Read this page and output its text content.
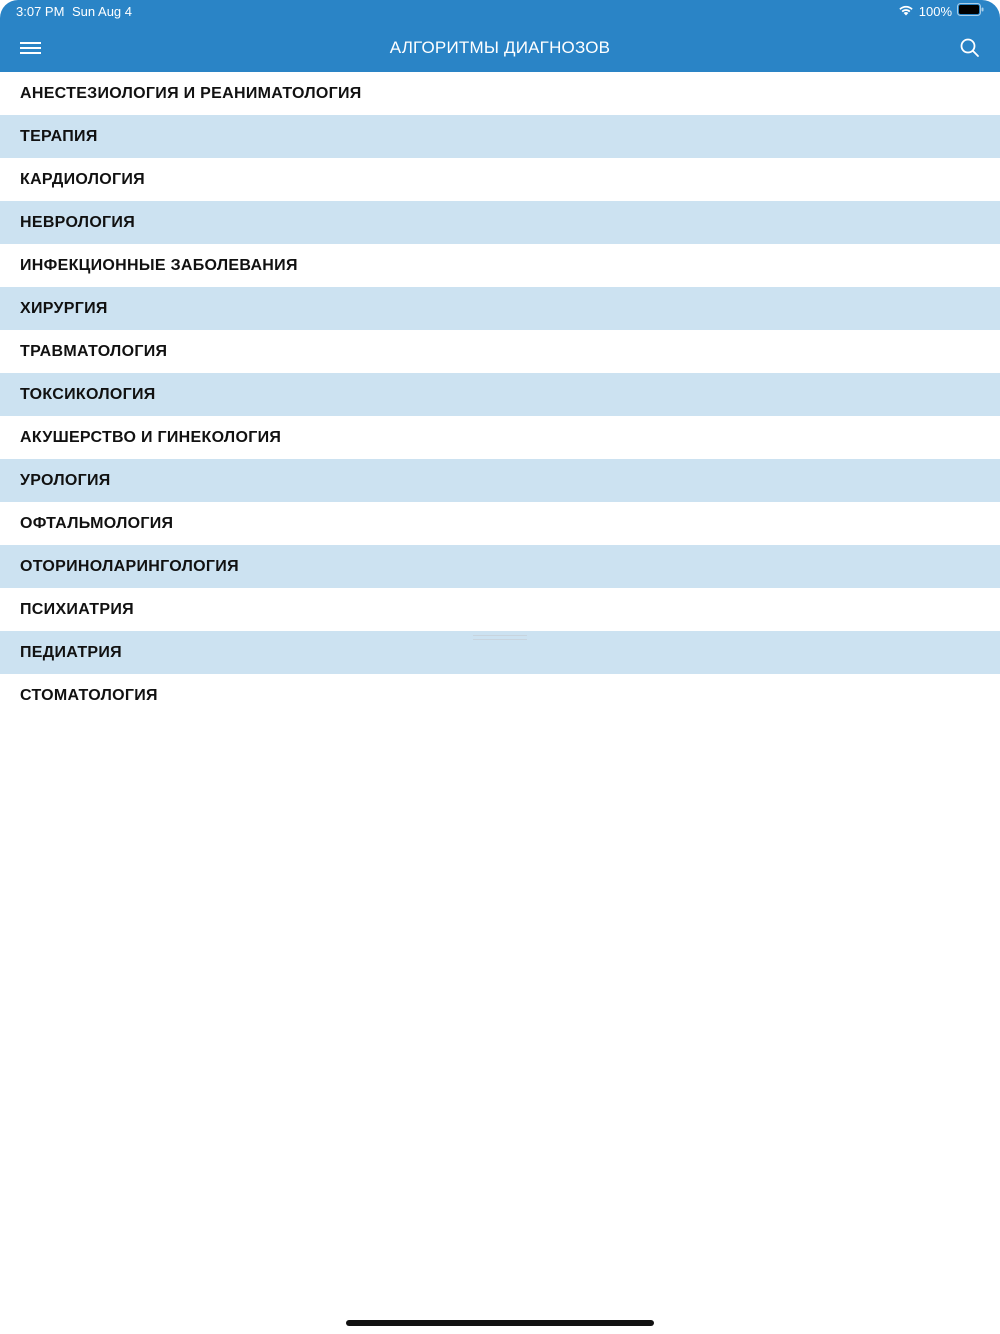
3:07 PM Sun Aug 4	100%
АЛГОРИТМЫ ДИАГНОЗОВ
АНЕСТЕЗИОЛОГИЯ И РЕАНИМАТОЛОГИЯ
ТЕРАПИЯ
КАРДИОЛОГИЯ
НЕВРОЛОГИЯ
ИНФЕКЦИОННЫЕ ЗАБОЛЕВАНИЯ
ХИРУРГИЯ
ТРАВМАТОЛОГИЯ
ТОКСИКОЛОГИЯ
АКУШЕРСТВО И ГИНЕКОЛОГИЯ
УРОЛОГИЯ
ОФТАЛЬМОЛОГИЯ
ОТОРИНОЛАРИНГОЛОГИЯ
ПСИХИАТРИЯ
ПЕДИАТРИЯ
СТОМАТОЛОГИЯ
